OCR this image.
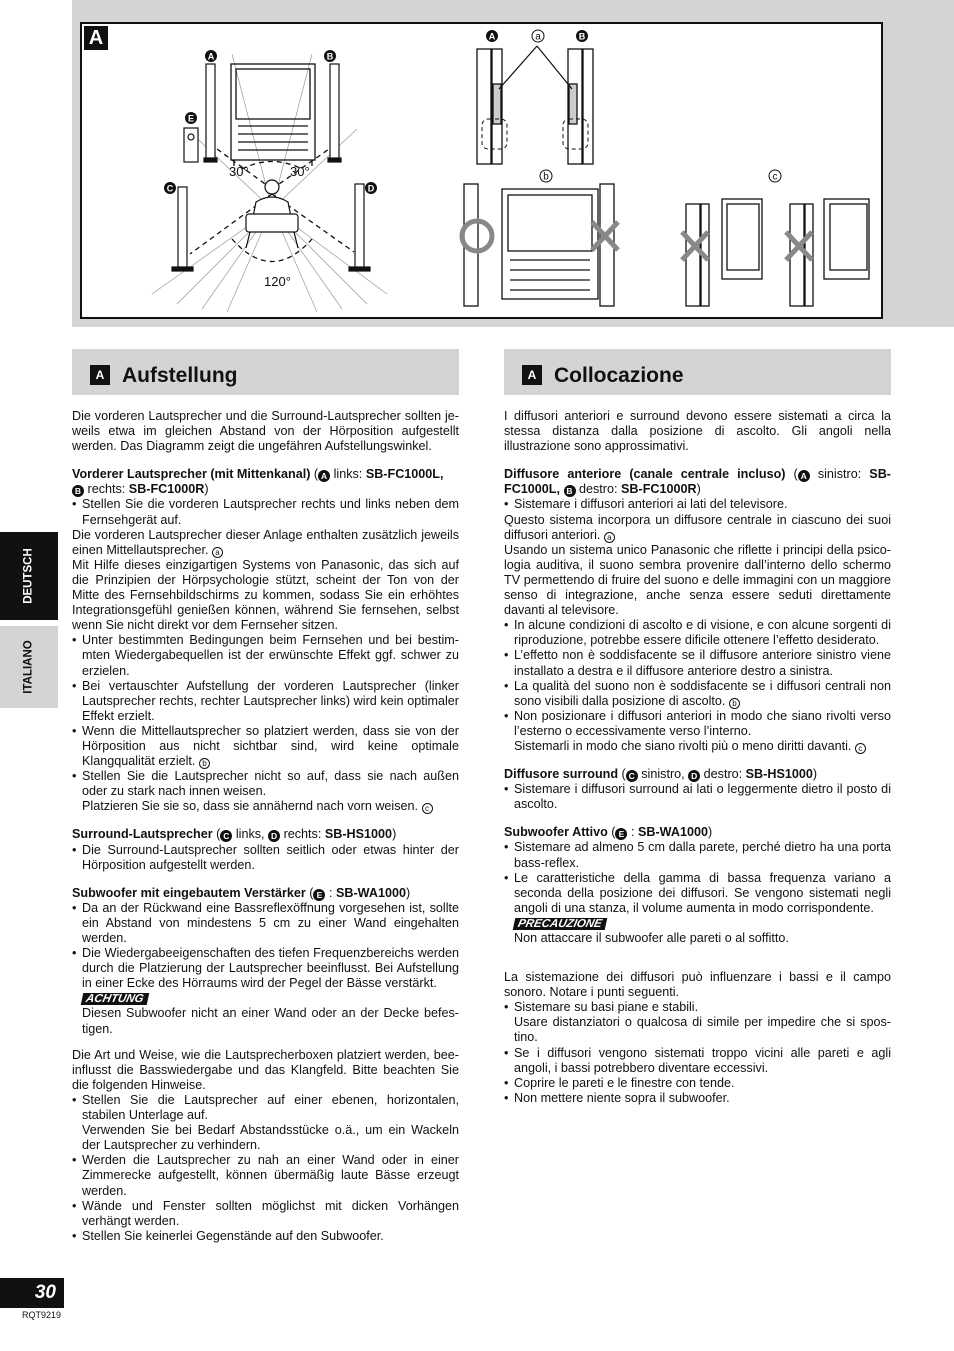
A
A	B
E
C	D
30°	30°
120°
A	B
a
b	c
DEUTSCH
ITALIANO
A Aufstellung	A Collocazione

Die vorderen Lautsprecher und die Surround-Lautsprecher sollten je- weils etwa im gleichen Abstand von der Hörposition aufgestellt werden. Das Diagramm zeigt die ungefähren Aufstellungswinkel.

Vorderer Lautsprecher (mit Mittenkanal) ( A links: SB-FC1000L,
B rechts: SB-FC1000R)

• Stellen Sie die vorderen Lautsprecher rechts und links neben dem Fernsehgerät auf.

Die vorderen Lautsprecher dieser Anlage enthalten zusätzlich jeweils einen Mittellautsprecher. a

Mit Hilfe dieses einzigartigen Systems von Panasonic, das sich auf die Prinzipien der Hörpsychologie stützt, scheint der Ton von der Mitte des Fernsehbildschirms zu kommen, sodass Sie ein erhöhtes Integrationsgefühl genießen können, während Sie fernsehen, selbst wenn Sie nicht direkt vor dem Fernseher sitzen.

• Unter bestimmten Bedingungen beim Fernsehen und bei bestim- mten Wiedergabequellen ist der erwünschte Effekt ggf. schwer zu erzielen.
• Bei vertauschter Aufstellung der vorderen Lautsprecher (linker Lautsprecher rechts, rechter Lautsprecher links) wird kein optimaler Effekt erzielt.
• Wenn die Mittellautsprecher so platziert werden, dass sie von der Hörposition aus nicht sichtbar sind, wird keine optimale Klangqualität erzielt. b
• Stellen Sie die Lautsprecher nicht so auf, dass sie nach außen oder zu stark nach innen weisen.

Platzieren Sie sie so, dass sie annähernd nach vorn weisen. c

Surround-Lautsprecher ( C links, D rechts: SB-HS1000)

• Die Surround-Lautsprecher sollten seitlich oder etwas hinter der Hörposition aufgestellt werden.

Subwoofer mit eingebautem Verstärker ( E : SB-WA1000)

• Da an der Rückwand eine Bassreflexöffnung vorgesehen ist, sollte ein Abstand von mindestens 5 cm zu einer Wand eingehalten werden.
• Die Wiedergabeeigenschaften des tiefen Frequenzbereichs werden durch die Platzierung der Lautsprecher beeinflusst. Bei Aufstellung in einer Ecke des Hörraums wird der Pegel der Bässe verstärkt.
ACHTUNG

Diesen Subwoofer nicht an einer Wand oder an der Decke befes- tigen.

Die Art und Weise, wie die Lautsprecherboxen platziert werden, bee- influsst die Basswiedergabe und das Klangfeld. Bitte beachten Sie die folgenden Hinweise.

• Stellen Sie die Lautsprecher auf einer ebenen, horizontalen, stabilen Unterlage auf.

Verwenden Sie bei Bedarf Abstandsstücke o.ä., um ein Wackeln der Lautsprecher zu verhindern.

• Werden die Lautsprecher zu nah an einer Wand oder in einer Zimmerecke aufgestellt, können übermäßig laute Bässe erzeugt werden.
• Wände und Fenster sollten möglichst mit dicken Vorhängen verhängt werden.
• Stellen Sie keinerlei Gegenstände auf den Subwoofer.

I diffusori anteriori e surround devono essere sistemati a circa la stessa distanza dalla posizione di ascolto. Gli angoli nella illustrazione sono approssimativi.

Diffusore anteriore (canale centrale incluso) ( A sinistro: SB- FC1000L, B destro: SB-FC1000R)

• Sistemare i diffusori anteriori ai lati del televisore.

Questo sistema incorpora un diffusore centrale in ciascuno dei suoi diffusori anteriori. a

Usando un sistema unico Panasonic che riflette i principi della psico- logia auditiva, il suono sembra provenire dall’interno dello schermo TV permettendo di fruire del suono e delle immagini con un maggiore senso di integrazione, anche senza essere seduti direttamente davanti al televisore.

• In alcune condizioni di ascolto e di visione, e con alcune sorgenti di riproduzione, potrebbe essere dificile ottenere l’effetto desiderato.
• L’effetto non è soddisfacente se il diffusore anteriore sinistro viene installato a destra e il diffusore anteriore destro a sinistra.
• La qualità del suono non è soddisfacente se i diffusori centrali non sono visibili dalla posizione di ascolto. b
• Non posizionare i diffusori anteriori in modo che siano rivolti verso l’esterno o eccessivamente verso l’interno.

Sistemarli in modo che siano rivolti più o meno diritti davanti. c

Diffusore surround ( C sinistro, D destro: SB-HS1000)

• Sistemare i diffusori surround ai lati o leggermente dietro il posto di ascolto.

Subwoofer Attivo ( E : SB-WA1000)

• Sistemare ad almeno 5 cm dalla parete, perché dietro ha una porta bass-reflex.
• Le caratteristiche della gamma di bassa frequenza variano a seconda della posizione dei diffusori. Se vengono sistemati negli angoli di una stanza, il volume aumenta in modo corrispondente.
PRECAUZIONE

Non attaccare il subwoofer alle pareti o al soffitto.

La sistemazione dei diffusori può influenzare i bassi e il campo sonoro. Notare i punti seguenti.

• Sistemare su basi piane e stabili.

Usare distanziatori o qualcosa di simile per impedire che si spos- tino.

• Se i diffusori vengono sistemati troppo vicini alle pareti e agli angoli, i bassi potrebbero diventare eccessivi.
• Coprire le pareti e le finestre con tende.
• Non mettere niente sopra il subwoofer.
30
RQT9219
